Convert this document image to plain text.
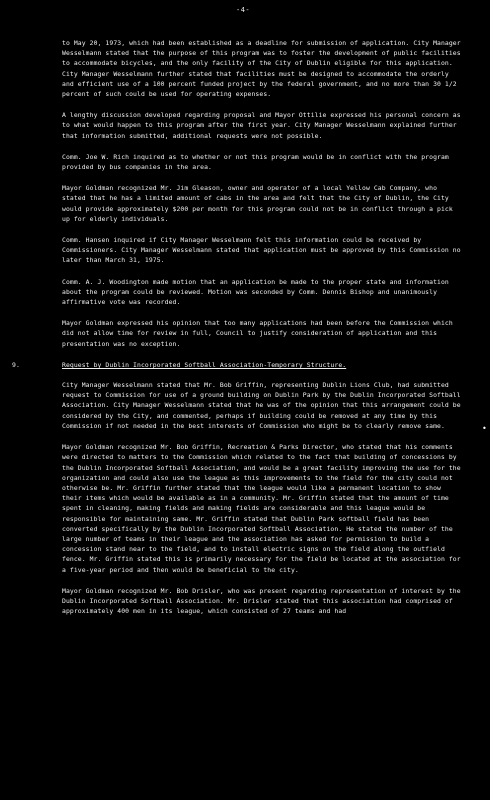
-4-

to May 20, 1973, which had been established as a deadline for submission of application. City Manager Wesselmann stated that the purpose of this program was to foster the development of public facilities to accommodate bicycles, and the only facility of the City of Dublin eligible for this application. City Manager Wesselmann further stated that facilities must be designed to accommodate the orderly and efficient use of a 100 percent funded project by the federal government, and no more than 30 1/2 percent of such could be used for operating expenses.

A lengthy discussion developed regarding proposal and Mayor Ottilie expressed his personal concern as to what would happen to this program after the first year. City Manager Wesselmann explained further that information submitted, additional requests were not possible.

Comm. Joe W. Rich inquired as to whether or not this program would be in conflict with the program provided by bus companies in the area.

Mayor Goldman recognized Mr. Jim Gleason, owner and operator of a local Yellow Cab Company, who stated that he has a limited amount of cabs in the area and felt that the City of Dublin, the City would provide approximately $200 per month for this program could not be in conflict through a pick up for elderly individuals.

Comm. Hansen inquired if City Manager Wesselmann felt this information could be received by Commissioners. City Manager Wesselmann stated that application must be approved by this Commission no later than March 31, 1975.

Comm. A. J. Woodington made motion that an application be made to the proper state and information about the program could be reviewed. Motion was seconded by Comm. Dennis Bishop and unanimously affirmative vote was recorded.

Mayor Goldman expressed his opinion that too many applications had been before the Commission which did not allow time for review in full, Council to justify consideration of application and this presentation was no exception.

9.	Request by Dublin Incorporated Softball Association-Temporary Structure.

City Manager Wesselmann stated that Mr. Bob Griffin, representing Dublin Lions Club, had submitted request to Commission for use of a ground building on Dublin Park by the Dublin Incorporated Softball Association. City Manager Wesselmann stated that he was of the opinion that this arrangement could be considered by the City, and commented, perhaps if building could be removed at any time by this Commission if not needed in the best interests of Commission who might be to clearly remove same.

Mayor Goldman recognized Mr. Bob Griffin, Recreation & Parks Director, who stated that his comments were directed to matters to the Commission which related to the fact that building of concessions by the Dublin Incorporated Softball Association, and would be a great facility improving the use for the organization and could also use the league as this improvements to the field for the city could not otherwise be. Mr. Griffin further stated that the league would like a permanent location to show their items which would be available as in a community. Mr. Griffin stated that the amount of time spent in cleaning, making fields and making fields are considerable and this league would be responsible for maintaining same. Mr. Griffin stated that Dublin Park softball field has been converted specifically by the Dublin Incorporated Softball Association. He stated the number of the large number of teams in their league and the association has asked for permission to build a concession stand near to the field, and to install electric signs on the field along the outfield fence. Mr. Griffin stated this is primarily necessary for the field be located at the association for a five-year period and then would be beneficial to the city.

Mayor Goldman recognized Mr. Bob Drisler, who was present regarding representation of interest by the Dublin Incorporated Softball Association. Mr. Drisler stated that this association had comprised of approximately 400 men in its league, which consisted of 27 teams and had

•
